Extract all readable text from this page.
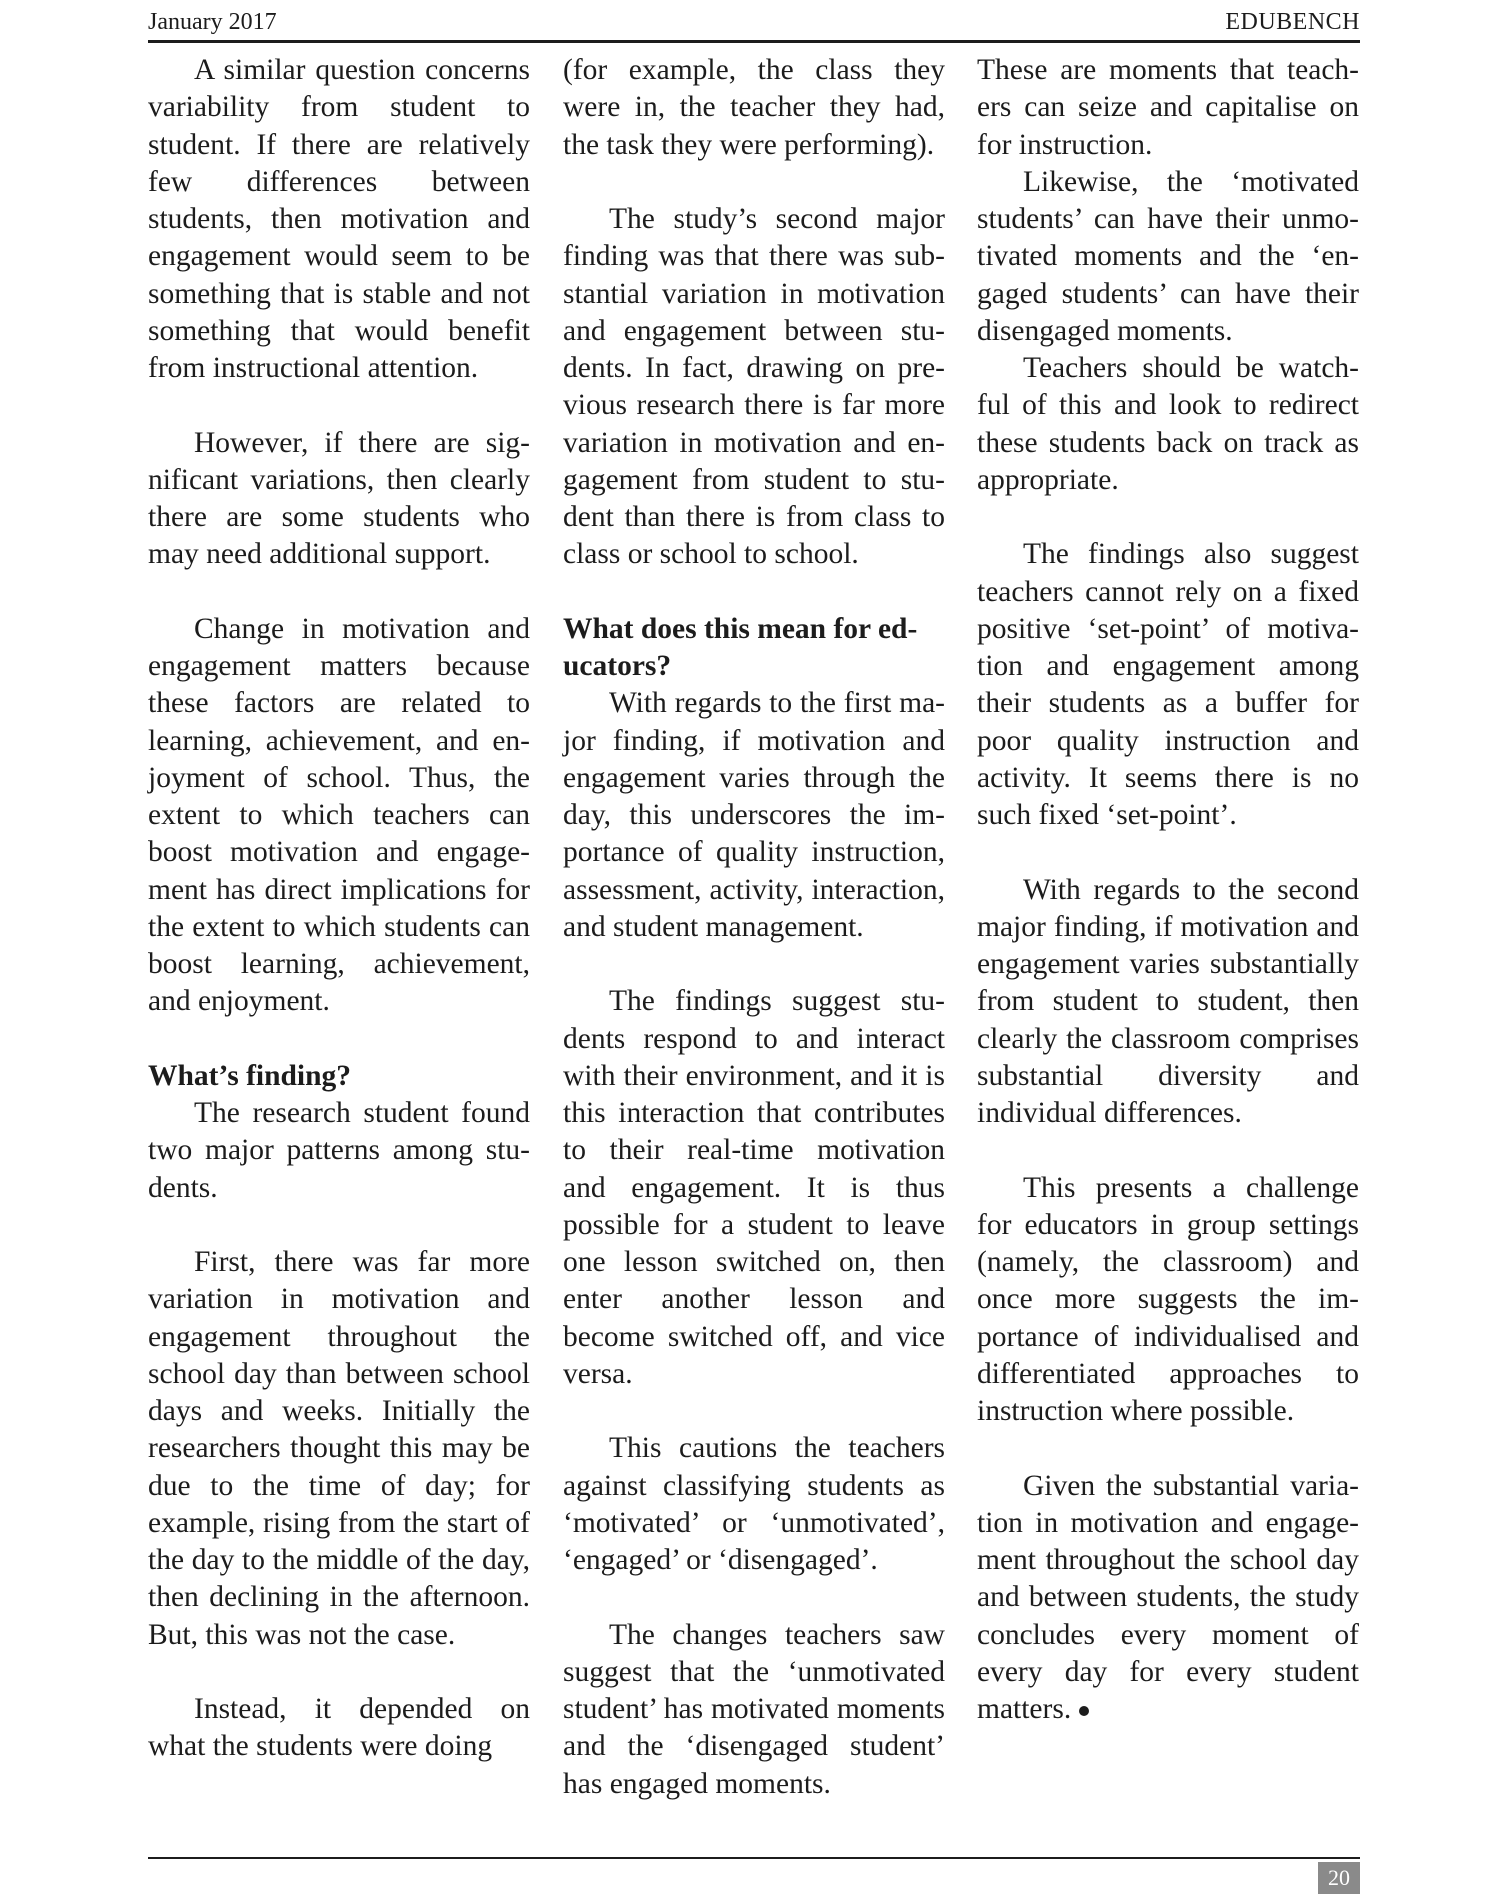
January 2017	EDUBENCH

A similar question concerns variability from student to student. If there are relatively few differences between students, then motivation and engagement would seem to be something that is stable and not something that would benefit from instructional attention.

However, if there are significant variations, then clearly there are some students who may need additional support.

Change in motivation and engagement matters because these factors are related to learning, achievement, and enjoyment of school. Thus, the extent to which teachers can boost motivation and engagement has direct implications for the extent to which students can boost learning, achievement, and enjoyment.

What’s finding?

The research student found two major patterns among students.

First, there was far more variation in motivation and engagement throughout the school day than between school days and weeks. Initially the researchers thought this may be due to the time of day; for example, rising from the start of the day to the middle of the day, then declining in the afternoon. But, this was not the case.

Instead, it depended on what the students were doing

(for example, the class they were in, the teacher they had, the task they were performing).

The study’s second major finding was that there was substantial variation in motivation and engagement between students. In fact, drawing on previous research there is far more variation in motivation and engagement from student to student than there is from class to class or school to school.

What does this mean for educators?

With regards to the first major finding, if motivation and engagement varies through the day, this underscores the importance of quality instruction, assessment, activity, interaction, and student management.

The findings suggest students respond to and interact with their environment, and it is this interaction that contributes to their real-time motivation and engagement. It is thus possible for a student to leave one lesson switched on, then enter another lesson and become switched off, and vice versa.

This cautions the teachers against classifying students as ‘motivated’ or ‘unmotivated’, ‘engaged’ or ‘disengaged’.

The changes teachers saw suggest that the ‘unmotivated student’ has motivated moments and the ‘disengaged student’ has engaged moments.

These are moments that teachers can seize and capitalise on for instruction.

Likewise, the ‘motivated students’ can have their unmotivated moments and the ‘engaged students’ can have their disengaged moments.

Teachers should be watchful of this and look to redirect these students back on track as appropriate.

The findings also suggest teachers cannot rely on a fixed positive ‘set-point’ of motivation and engagement among their students as a buffer for poor quality instruction and activity. It seems there is no such fixed ‘set-point’.

With regards to the second major finding, if motivation and engagement varies substantially from student to student, then clearly the classroom comprises substantial diversity and individual differences.

This presents a challenge for educators in group settings (namely, the classroom) and once more suggests the importance of individualised and differentiated approaches to instruction where possible.

Given the substantial variation in motivation and engagement throughout the school day and between students, the study concludes every moment of every day for every student matters.

20
